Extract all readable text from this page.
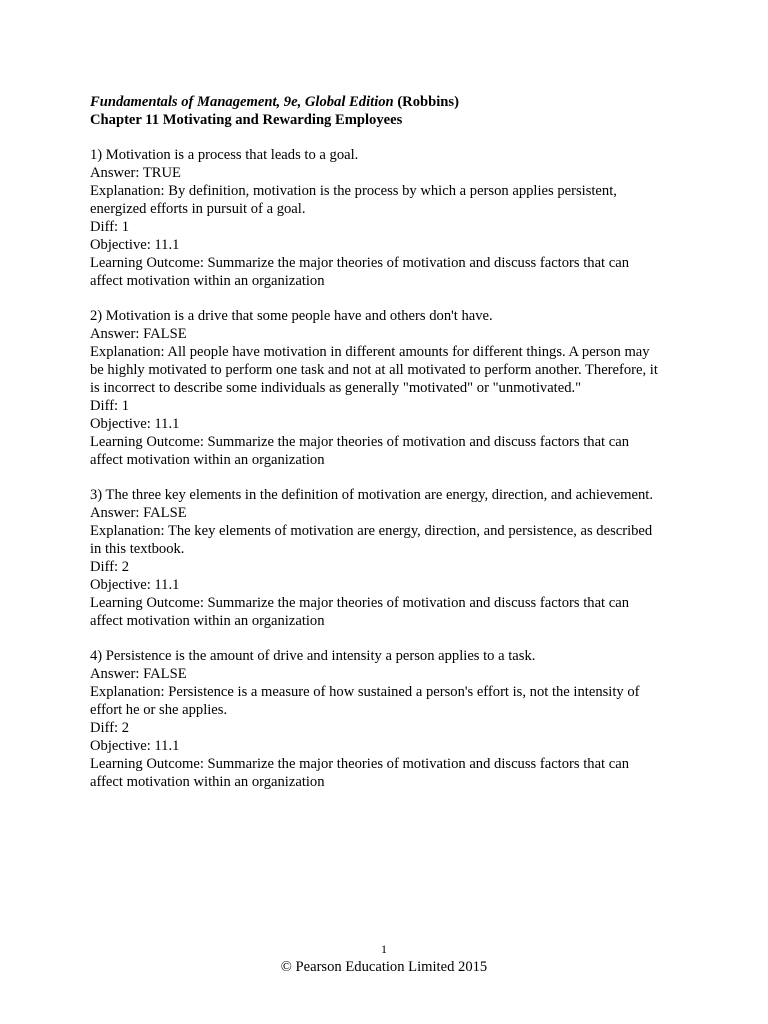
Fundamentals of Management, 9e, Global Edition (Robbins)
Chapter 11 Motivating and Rewarding Employees
1) Motivation is a process that leads to a goal.
Answer: TRUE
Explanation: By definition, motivation is the process by which a person applies persistent,
energized efforts in pursuit of a goal.
Diff: 1
Objective: 11.1
Learning Outcome: Summarize the major theories of motivation and discuss factors that can
affect motivation within an organization
2) Motivation is a drive that some people have and others don't have.
Answer: FALSE
Explanation: All people have motivation in different amounts for different things. A person may
be highly motivated to perform one task and not at all motivated to perform another. Therefore, it
is incorrect to describe some individuals as generally "motivated" or "unmotivated."
Diff: 1
Objective: 11.1
Learning Outcome: Summarize the major theories of motivation and discuss factors that can
affect motivation within an organization
3) The three key elements in the definition of motivation are energy, direction, and achievement.
Answer: FALSE
Explanation: The key elements of motivation are energy, direction, and persistence, as described
in this textbook.
Diff: 2
Objective: 11.1
Learning Outcome: Summarize the major theories of motivation and discuss factors that can
affect motivation within an organization
4) Persistence is the amount of drive and intensity a person applies to a task.
Answer: FALSE
Explanation: Persistence is a measure of how sustained a person's effort is, not the intensity of
effort he or she applies.
Diff: 2
Objective: 11.1
Learning Outcome: Summarize the major theories of motivation and discuss factors that can
affect motivation within an organization
1
© Pearson Education Limited 2015
